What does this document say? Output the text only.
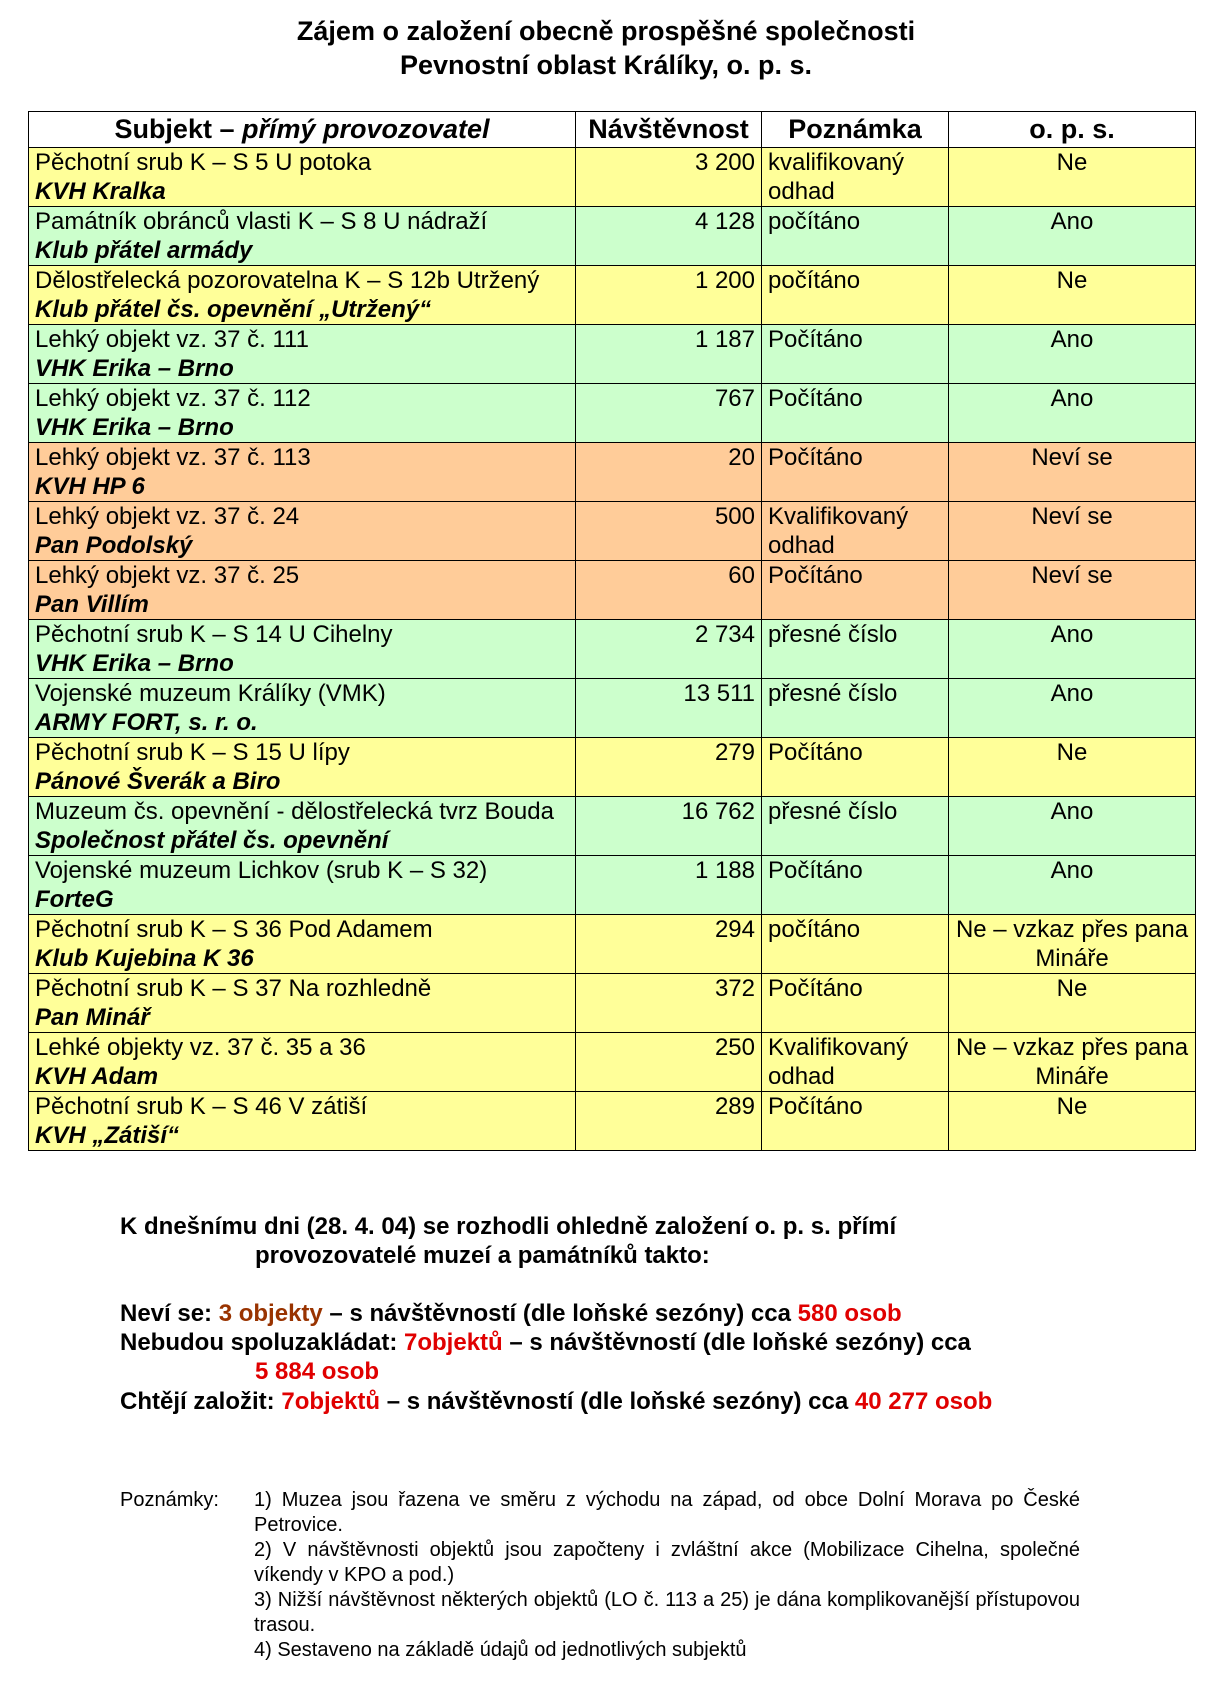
Zájem o založení obecně prospěšné společnosti
Pevnostní oblast Králíky, o. p. s.
Subjekt – přímý provozovatel	Návštěvnost	Poznámka	o. p. s.
Pěchotní srub K – S 5 U potoka
KVH Kralka	3 200	kvalifikovaný odhad	Ne
Památník obránců vlasti K – S 8 U nádraží
Klub přátel armády	4 128	počítáno	Ano
Dělostřelecká pozorovatelna K – S 12b Utržený
Klub přátel čs. opevnění „Utržený“	1 200	počítáno	Ne
Lehký objekt vz. 37 č. 111
VHK Erika – Brno	1 187	Počítáno	Ano
Lehký objekt vz. 37 č. 112
VHK Erika – Brno	767	Počítáno	Ano
Lehký objekt vz. 37 č. 113
KVH HP 6	20	Počítáno	Neví se
Lehký objekt vz. 37 č. 24
Pan Podolský	500	Kvalifikovaný odhad	Neví se
Lehký objekt vz. 37 č. 25
Pan Villím	60	Počítáno	Neví se
Pěchotní srub K – S 14 U Cihelny
VHK Erika – Brno	2 734	přesné číslo	Ano
Vojenské muzeum Králíky (VMK)
ARMY FORT, s. r. o.	13 511	přesné číslo	Ano
Pěchotní srub K – S 15 U lípy
Pánové Šverák a Biro	279	Počítáno	Ne
Muzeum čs. opevnění - dělostřelecká tvrz Bouda
Společnost přátel čs. opevnění	16 762	přesné číslo	Ano
Vojenské muzeum Lichkov (srub K – S 32)
ForteG	1 188	Počítáno	Ano
Pěchotní srub K – S 36 Pod Adamem
Klub Kujebina K 36	294	počítáno	Ne – vzkaz přes pana Mináře
Pěchotní srub K – S 37 Na rozhledně
Pan Minář	372	Počítáno	Ne
Lehké objekty vz. 37 č. 35 a 36
KVH Adam	250	Kvalifikovaný odhad	Ne – vzkaz přes pana Mináře
Pěchotní srub K – S 46 V zátiší
KVH „Zátiší“	289	Počítáno	Ne
K dnešnímu dni (28. 4. 04) se rozhodli ohledně založení o. p. s. přímí
provozovatelé muzeí a památníků takto:
Neví se: 3 objekty – s návštěvností (dle loňské sezóny) cca 580 osob
Nebudou spoluzakládat: 7objektů – s návštěvností (dle loňské sezóny) cca
5 884 osob
Chtějí založit: 7objektů – s návštěvností (dle loňské sezóny) cca 40 277 osob
Poznámky: 1) Muzea jsou řazena ve směru z východu na západ, od obce Dolní Morava po České Petrovice.
2) V návštěvnosti objektů jsou započteny i zvláštní akce (Mobilizace Cihelna, společné víkendy v KPO a pod.)
3) Nižší návštěvnost některých objektů (LO č. 113 a 25) je dána komplikovanější přístupovou trasou.
4) Sestaveno na základě údajů od jednotlivých subjektů
